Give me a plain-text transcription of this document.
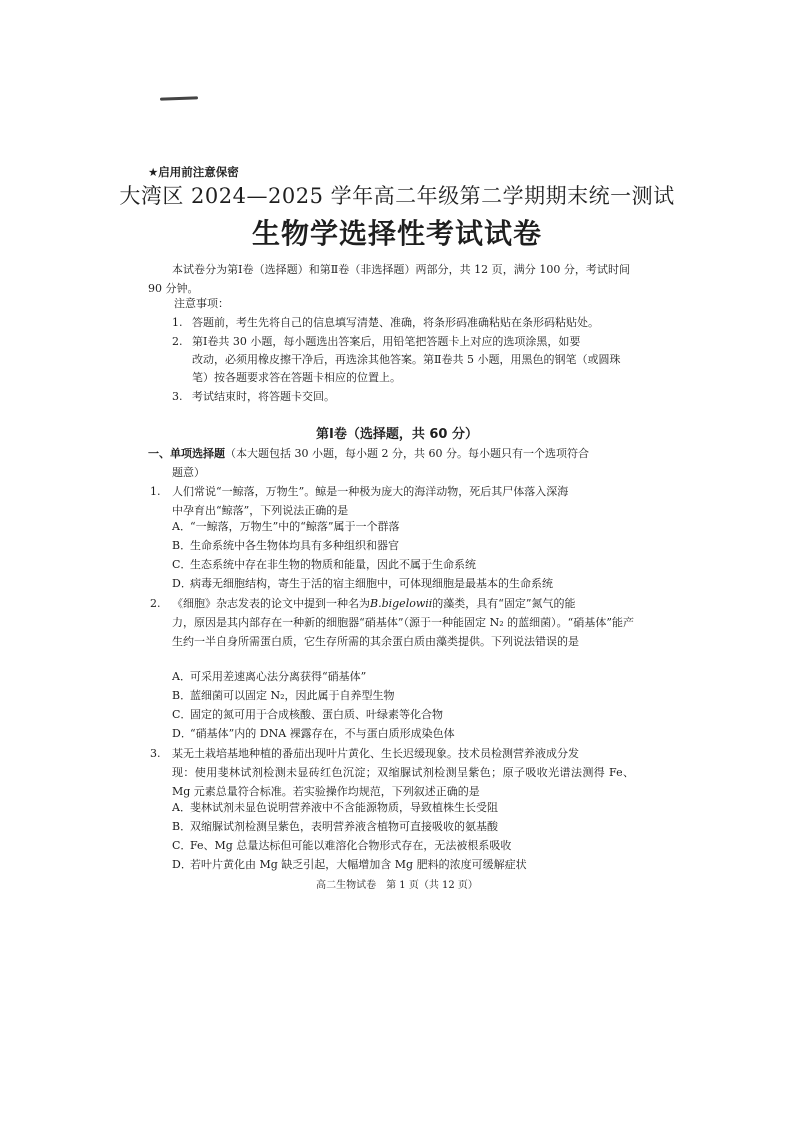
★启用前注意保密
大湾区 2024—2025 学年高二年级第二学期期末统一测试
生物学选择性考试试卷
本试卷分为第Ⅰ卷（选择题）和第Ⅱ卷（非选择题）两部分，共 12 页，满分 100 分，考试时间 90 分钟。
注意事项：
1. 答题前，考生先将自己的信息填写清楚、准确，将条形码准确粘贴在条形码粘贴处。
2. 第Ⅰ卷共 30 小题，每小题选出答案后，用铅笔把答题卡上对应的选项涂黑，如要
改动，必须用橡皮擦干净后，再选涂其他答案。第Ⅱ卷共 5 小题，用黑色的钢笔（或圆珠笔）按各题要求答在答题卡相应的位置上。
3. 考试结束时，将答题卡交回。
第Ⅰ卷（选择题，共 60 分）
一、单项选择题（本大题包括 30 小题，每小题 2 分，共 60 分。每小题只有一个选项符合
题意）
1. 人们常说“一鲸落，万物生”。鲸是一种极为庞大的海洋动物，死后其尸体落入深海
中孕育出“鲸落”，下列说法正确的是
A．“一鲸落，万物生”中的“鲸落”属于一个群落
B．生命系统中各生物体均具有多种组织和器官
C．生态系统中存在非生物的物质和能量，因此不属于生命系统
D．病毒无细胞结构，寄生于活的宿主细胞中，可体现细胞是最基本的生命系统
2. 《细胞》杂志发表的论文中提到一种名为B.bigelowii的藻类，具有“固定”氮气的能
力，原因是其内部存在一种新的细胞器“硝基体”（源于一种能固定 N₂ 的蓝细菌）。“硝基体”能产生约一半自身所需蛋白质，它生存所需的其余蛋白质由藻类提供。下列说法错误的是
A．可采用差速离心法分离获得“硝基体”
B．蓝细菌可以固定 N₂，因此属于自养型生物
C．固定的氮可用于合成核酸、蛋白质、叶绿素等化合物
D．“硝基体”内的 DNA 裸露存在，不与蛋白质形成染色体
3. 某无土栽培基地种植的番茄出现叶片黄化、生长迟缓现象。技术员检测营养液成分发
现：使用斐林试剂检测未显砖红色沉淀；双缩脲试剂检测呈紫色；原子吸收光谱法测得 Fe、Mg 元素总量符合标准。若实验操作均规范，下列叙述正确的是
A．斐林试剂未显色说明营养液中不含能源物质，导致植株生长受阻
B．双缩脲试剂检测呈紫色，表明营养液含植物可直接吸收的氨基酸
C．Fe、Mg 总量达标但可能以难溶化合物形式存在，无法被根系吸收
D．若叶片黄化由 Mg 缺乏引起，大幅增加含 Mg 肥料的浓度可缓解症状
高二生物试卷　第 1 页（共 12 页）
